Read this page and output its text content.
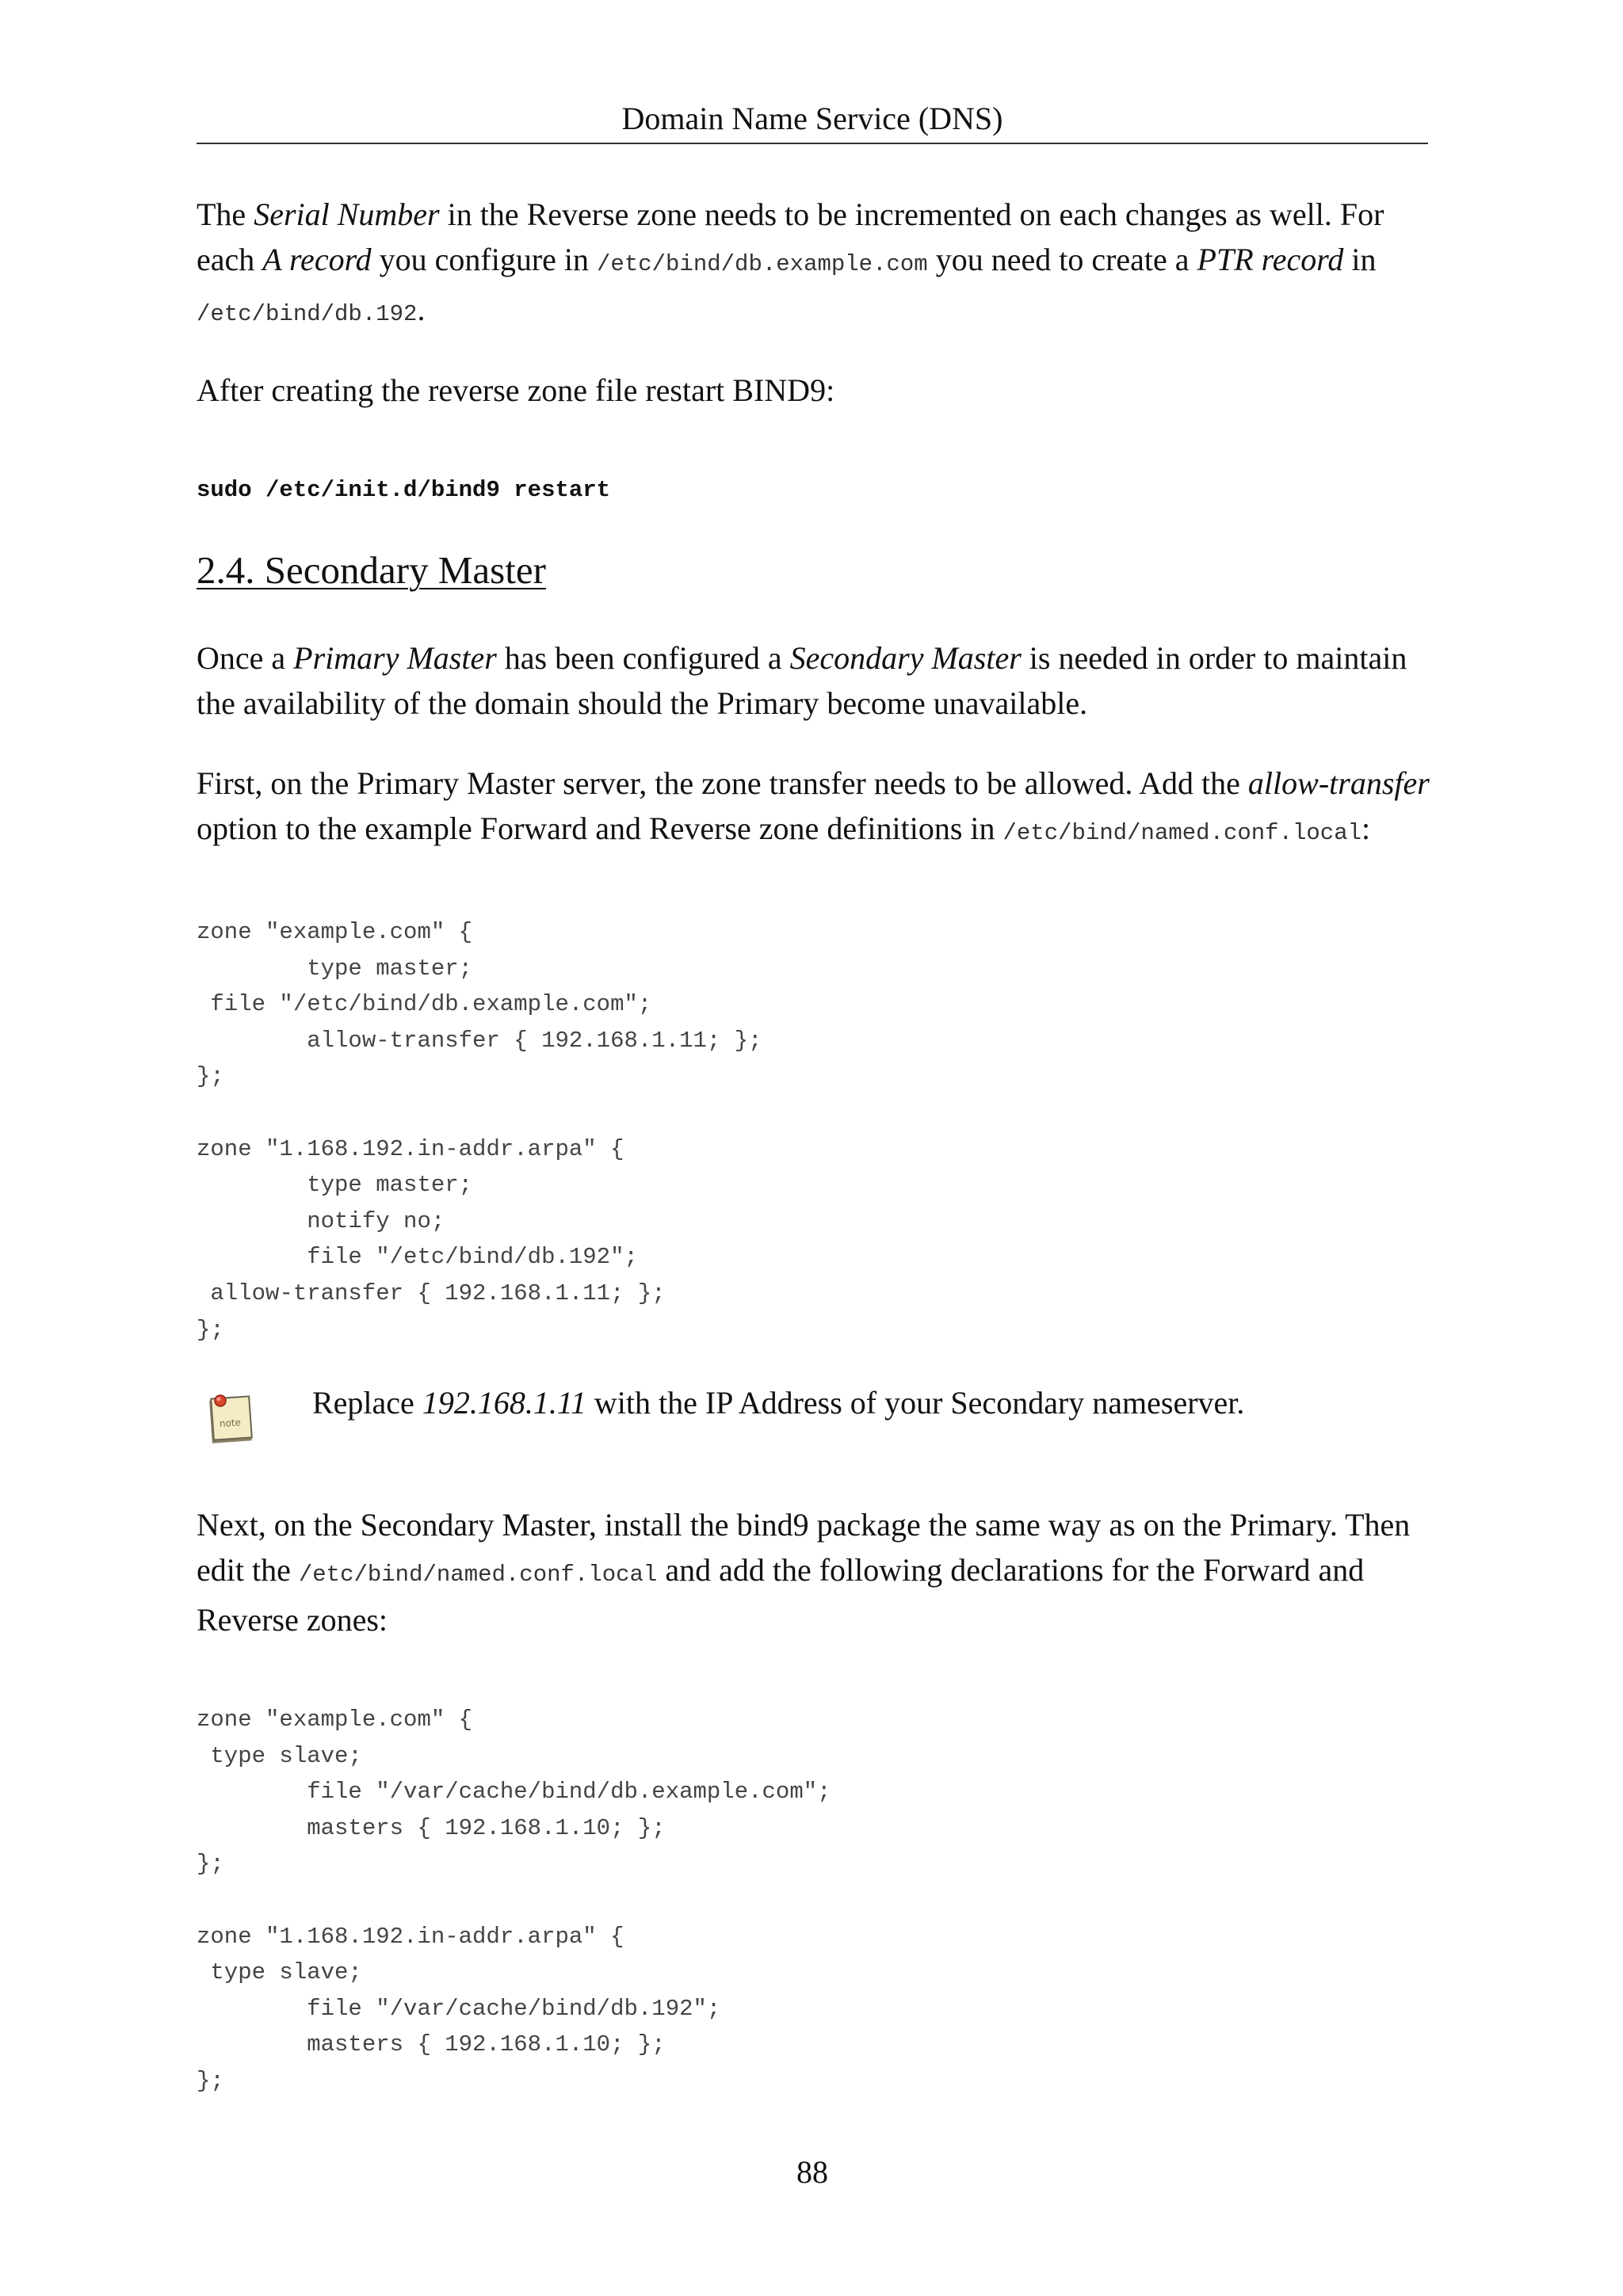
Domain Name Service (DNS)

The Serial Number in the Reverse zone needs to be incremented on each changes as well. For each A record you configure in /etc/bind/db.example.com you need to create a PTR record in /etc/bind/db.192.

After creating the reverse zone file restart BIND9:

sudo /etc/init.d/bind9 restart
2.4. Secondary Master

Once a Primary Master has been configured a Secondary Master is needed in order to maintain the availability of the domain should the Primary become unavailable.

First, on the Primary Master server, the zone transfer needs to be allowed. Add the allow-transfer option to the example Forward and Reverse zone definitions in /etc/bind/named.conf.local:

zone "example.com" {
type master;
file "/etc/bind/db.example.com";
allow-transfer { 192.168.1.11; };
};
zone "1.168.192.in-addr.arpa" {
type master;
notify no;
file "/etc/bind/db.192";
allow-transfer { 192.168.1.11; };
};
note

Replace 192.168.1.11 with the IP Address of your Secondary nameserver.

Next, on the Secondary Master, install the bind9 package the same way as on the Primary. Then edit the /etc/bind/named.conf.local and add the following declarations for the Forward and Reverse zones:

zone "example.com" {
type slave;
file "/var/cache/bind/db.example.com";
masters { 192.168.1.10; };
};
zone "1.168.192.in-addr.arpa" {
type slave;
file "/var/cache/bind/db.192";
masters { 192.168.1.10; };
};
88
